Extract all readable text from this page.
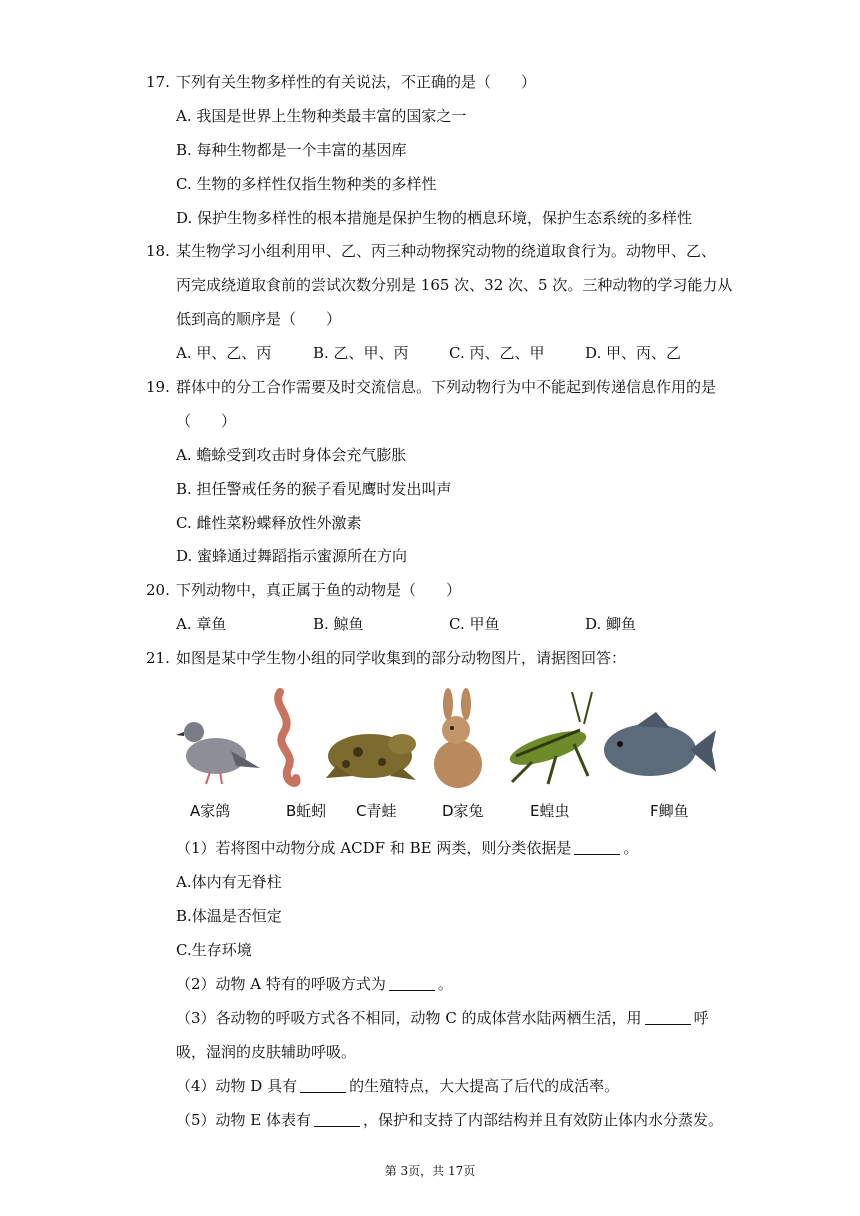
17. 下列有关生物多样性的有关说法，不正确的是（　　）
A. 我国是世界上生物种类最丰富的国家之一
B. 每种生物都是一个丰富的基因库
C. 生物的多样性仅指生物种类的多样性
D. 保护生物多样性的根本措施是保护生物的栖息环境，保护生态系统的多样性
18. 某生物学习小组利用甲、乙、丙三种动物探究动物的绕道取食行为。动物甲、乙、
丙完成绕道取食前的尝试次数分别是 165 次、32 次、5 次。三种动物的学习能力从
低到高的顺序是（　　）
A. 甲、乙、丙	B. 乙、甲、丙	C. 丙、乙、甲	D. 甲、丙、乙
19. 群体中的分工合作需要及时交流信息。下列动物行为中不能起到传递信息作用的是
（　　）
A. 蟾蜍受到攻击时身体会充气膨胀
B. 担任警戒任务的猴子看见鹰时发出叫声
C. 雌性菜粉蝶释放性外激素
D. 蜜蜂通过舞蹈指示蜜源所在方向
20. 下列动物中，真正属于鱼的动物是（　　）
A. 章鱼	B. 鲸鱼	C. 甲鱼	D. 鲫鱼
21. 如图是某中学生物小组的同学收集到的部分动物图片，请据图回答：
A家鸽	B蚯蚓 C青蛙	D家兔	E蝗虫	F鲫鱼
（1）若将图中动物分成 ACDF 和 BE 两类，则分类依据是	。
A.体内有无脊柱
B.体温是否恒定
C.生存环境
（2）动物 A 特有的呼吸方式为	。
（3）各动物的呼吸方式各不相同，动物 C 的成体营水陆两栖生活，用	呼
吸，湿润的皮肤辅助呼吸。
（4）动物 D 具有	的生殖特点，大大提高了后代的成活率。
（5）动物 E 体表有	，保护和支持了内部结构并且有效防止体内水分蒸发。
第 3页，共 17页
